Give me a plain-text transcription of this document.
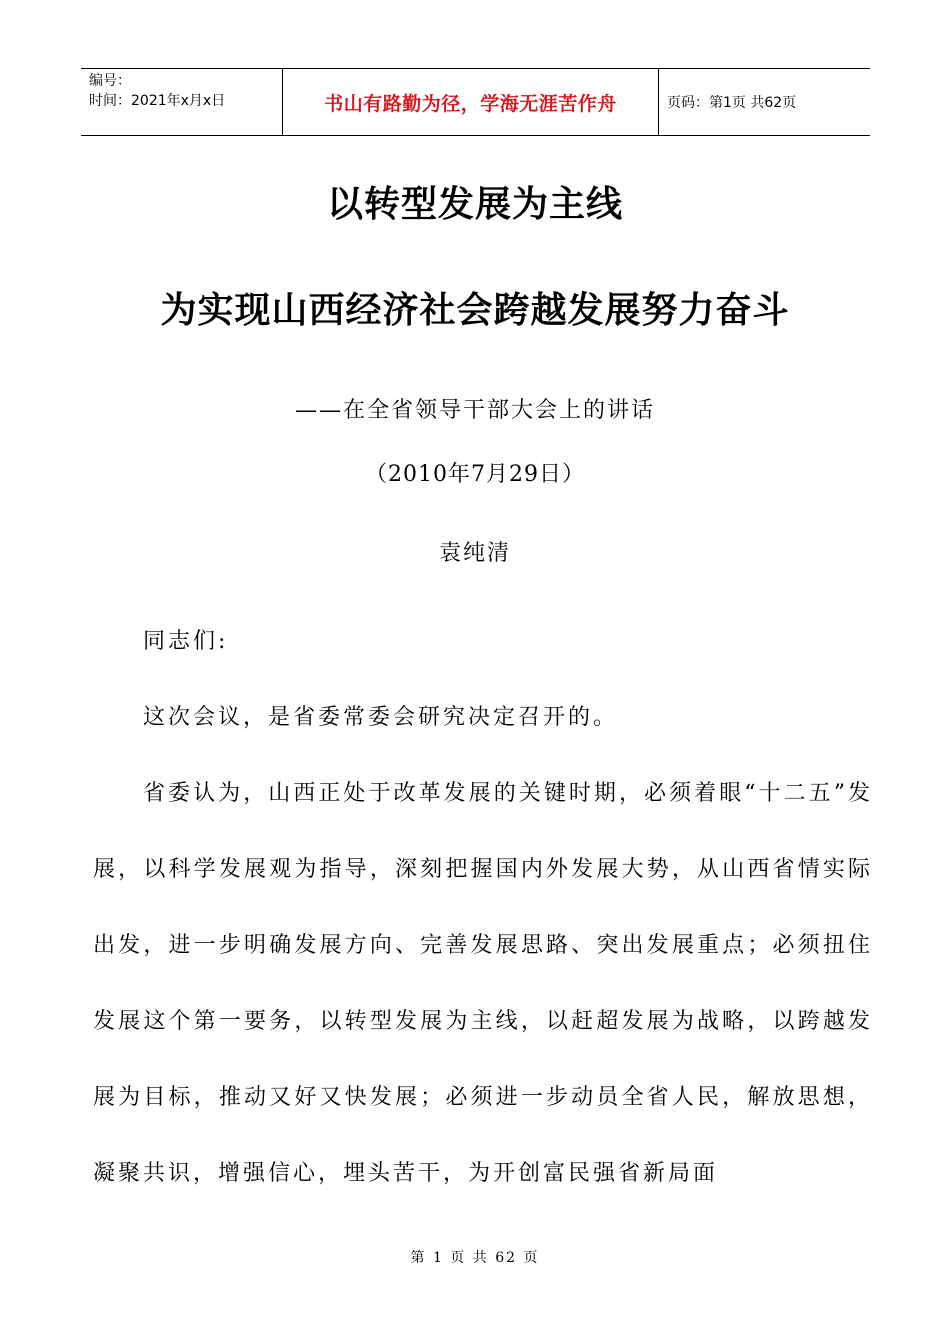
编号：
时间：2021年x月x日	书山有路勤为径，学海无涯苦作舟	页码：第1页 共62页
以转型发展为主线
为实现山西经济社会跨越发展努力奋斗
——在全省领导干部大会上的讲话
（2010年7月29日）
袁纯清
同志们:
这次会议，是省委常委会研究决定召开的。
省委认为，山西正处于改革发展的关键时期，必须着眼“十二五”发展，以科学发展观为指导，深刻把握国内外发展大势，从山西省情实际出发，进一步明确发展方向、完善发展思路、突出发展重点；必须扭住发展这个第一要务，以转型发展为主线，以赶超发展为战略，以跨越发展为目标，推动又好又快发展；必须进一步动员全省人民，解放思想，凝聚共识，增强信心，埋头苦干，为开创富民强省新局面
第 1 页 共 62 页
